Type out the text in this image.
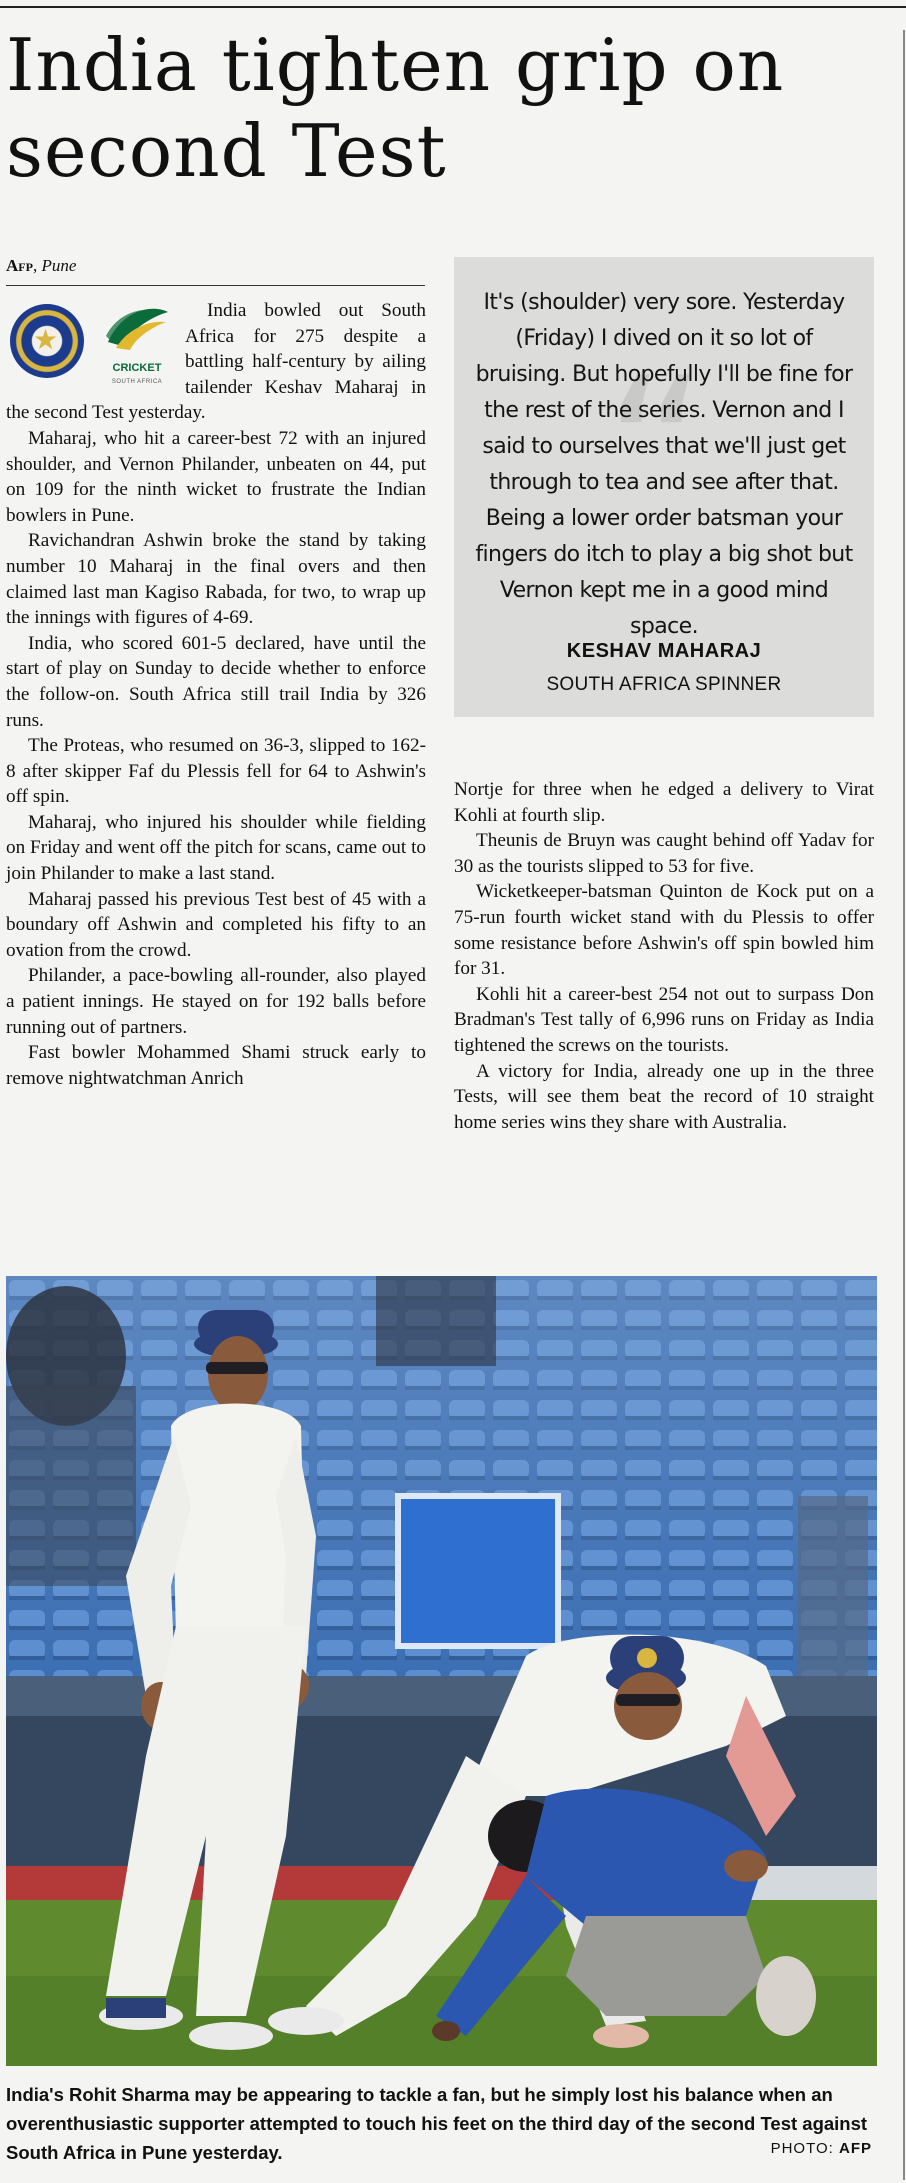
India tighten grip on second Test
Afp, Pune
★
CRICKET
SOUTH AFRICA

India bowled out South Africa for 275 despite a battling half-century by ailing tailender Keshav Maharaj in the second Test yesterday.

Maharaj, who hit a career-best 72 with an injured shoulder, and Vernon Philander, unbeaten on 44, put on 109 for the ninth wicket to frustrate the Indian bowlers in Pune.

Ravichandran Ashwin broke the stand by taking number 10 Maharaj in the final overs and then claimed last man Kagiso Rabada, for two, to wrap up the innings with figures of 4-69.

India, who scored 601-5 declared, have until the start of play on Sunday to decide whether to enforce the follow-on. South Africa still trail India by 326 runs.

The Proteas, who resumed on 36-3, slipped to 162-8 after skipper Faf du Plessis fell for 64 to Ashwin's off spin.

Maharaj, who injured his shoulder while fielding on Friday and went off the pitch for scans, came out to join Philander to make a last stand.

Maharaj passed his previous Test best of 45 with a boundary off Ashwin and completed his fifty to an ovation from the crowd.

Philander, a pace-bowling all-rounder, also played a patient innings. He stayed on for 192 balls before running out of partners.

Fast bowler Mohammed Shami struck early to remove nightwatchman Anrich

“
It's (shoulder) very sore. Yesterday (Friday) I dived on it so lot of bruising. But hopefully I'll be fine for the rest of the series. Vernon and I said to ourselves that we'll just get through to tea and see after that. Being a lower order batsman your fingers do itch to play a big shot but Vernon kept me in a good mind space.
KESHAV MAHARAJ
SOUTH AFRICA SPINNER

Nortje for three when he edged a delivery to Virat Kohli at fourth slip.

Theunis de Bruyn was caught behind off Yadav for 30 as the tourists slipped to 53 for five.

Wicketkeeper-batsman Quinton de Kock put on a 75-run fourth wicket stand with du Plessis to offer some resistance before Ashwin's off spin bowled him for 31.

Kohli hit a career-best 254 not out to surpass Don Bradman's Test tally of 6,996 runs on Friday as India tightened the screws on the tourists.

A victory for India, already one up in the three Tests, will see them beat the record of 10 straight home series wins they share with Australia.

India's Rohit Sharma may be appearing to tackle a fan, but he simply lost his balance when an overenthusiastic supporter attempted to touch his feet on the third day of the second Test against South Africa in Pune yesterday.	PHOTO: AFP
